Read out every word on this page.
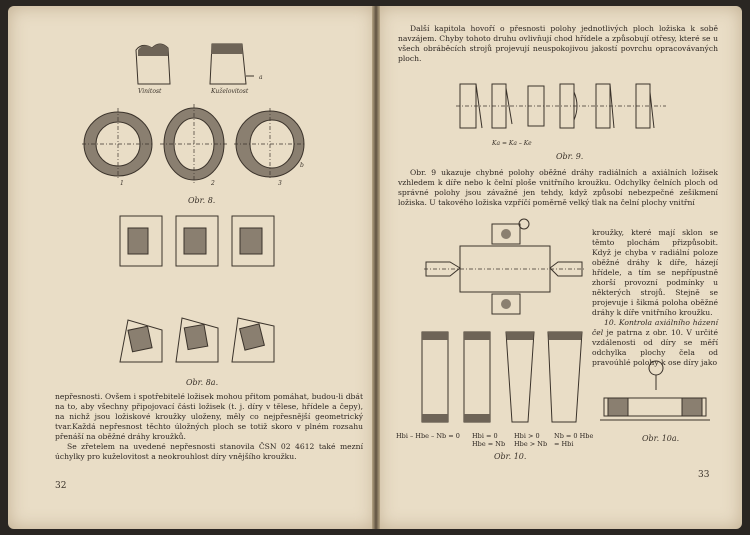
Vinitost	Kuželovitost
a
1	2	3
b
Obr. 8.
Obr. 8a.

nepřesnosti. Ovšem i spotřebitelé ložisek mohou přitom pomáhat, budou-li dbát na to, aby všechny připojovací části ložisek (t. j. díry v tělese, hřídele a čepy), na nichž jsou ložiskové kroužky uloženy, měly co nejpřesnější geometrický tvar.Každá nepřesnost těchto úložných ploch se totiž skoro v plném rozsahu přenáší na oběžné dráhy kroužků.

Se zřetelem na uvedené nepřesnosti stanovila ČSN 02 4612 také mezní úchylky pro kuželovitost a neokrouhlost díry vnějšího kroužku.

32

Další kapitola hovoří o přesnosti polohy jednotlivých ploch ložiska k sobě navzájem. Chyby tohoto druhu ovlivňují chod hřídele a způsobují otřesy, které se u všech obráběcích strojů projevují neuspokojivou jakostí povrchu opracovávaných ploch.

Ka = Ka – Ke
Obr. 9.

Obr. 9 ukazuje chybné polohy oběžné dráhy radiálních a axiálních ložisek vzhledem k díře nebo k čelní ploše vnitřního kroužku. Odchylky čelních ploch od správné polohy jsou závažné jen tehdy, když způsobí nebezpečné zešikmení ložiska. U takového ložiska vzpříčí poměrně velký tlak na čelní plochy vnitřní

kroužky, které mají sklon se těmto plochám přizpůsobit. Když je chyba v radiální poloze oběžné dráhy k díře, házejí hřídele, a tím se nepřípustně zhorší provozní podmínky u některých strojů. Stejně se projevuje i šikmá poloha oběžné dráhy k díře vnitřního kroužku.

10. Kontrola axiálního házení čel je patrna z obr. 10. V určité vzdálenosti od díry se měří odchylka plochy čela od pravoúhlé polohy k ose díry jako

Hbi – Hbe – Nb = 0 Hbi = 0 Hbe = Nb
Hbi > 0 Hbe > Nb
Nb = 0 Hbe = Hbi
Obr. 10.
Obr. 10a.
33
